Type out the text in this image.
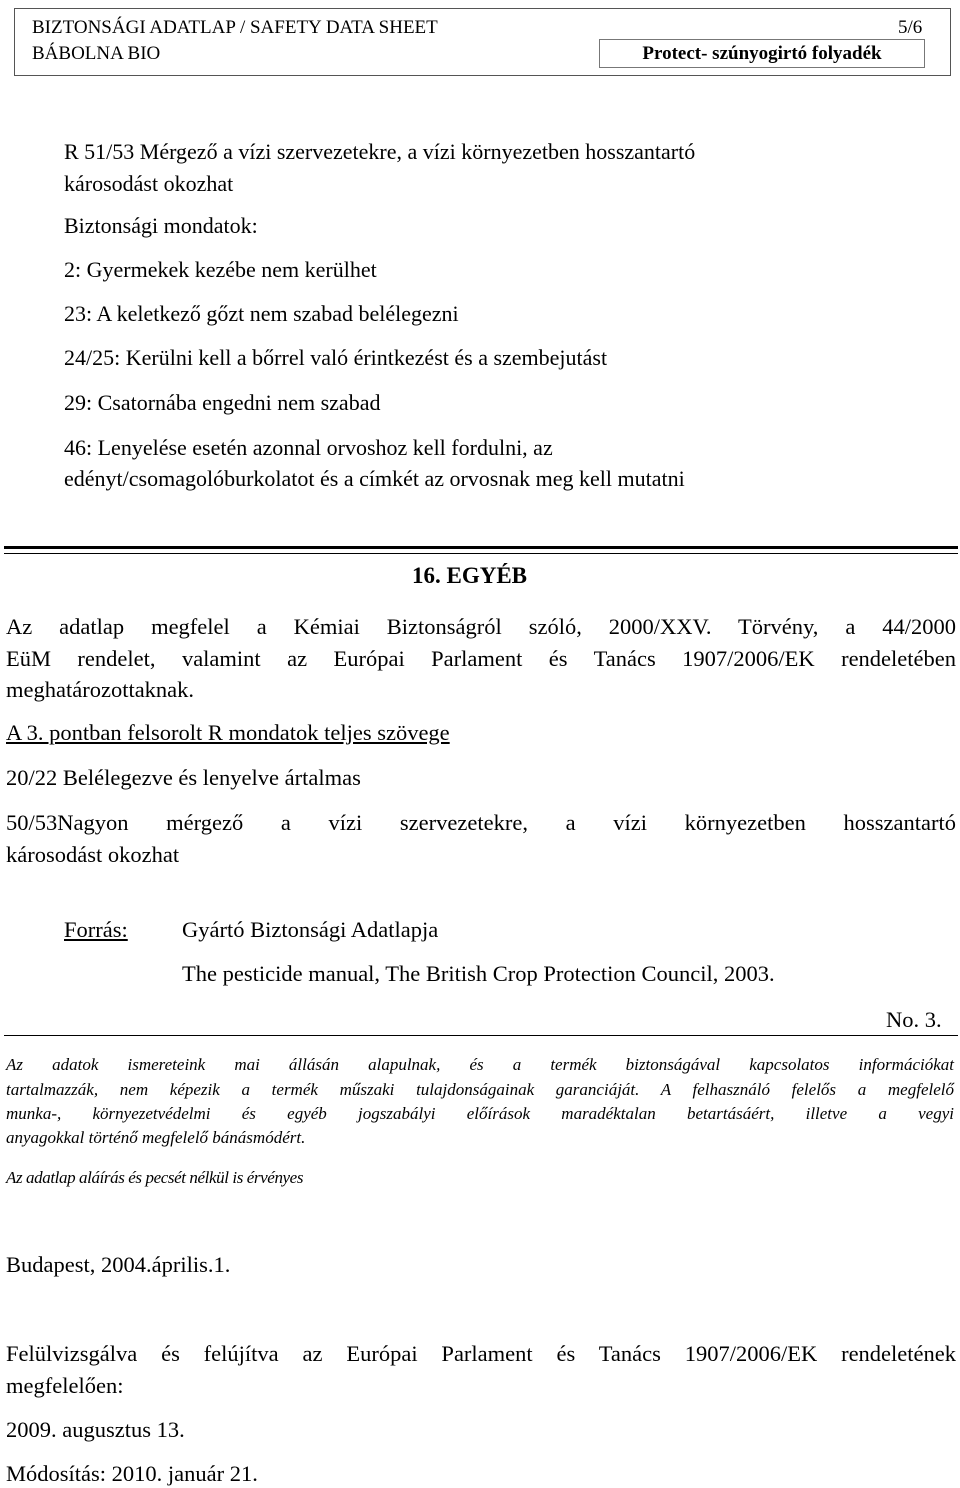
BIZTONSÁGI ADATLAP / SAFETY DATA SHEET	5/6
BÁBOLNA BIO	Protect- szúnyogirtó folyadék
R 51/53 Mérgező a vízi szervezetekre, a vízi környezetben hosszantartó
károsodást okozhat
Biztonsági mondatok:
2: Gyermekek kezébe nem kerülhet
23: A keletkező gőzt nem szabad belélegezni
24/25: Kerülni kell a bőrrel való érintkezést és a szembejutást
29: Csatornába engedni nem szabad
46: Lenyelése esetén azonnal orvoshoz kell fordulni, az
edényt/csomagolóburkolatot és a címkét az orvosnak meg kell mutatni
16. EGYÉB
Az adatlap megfelel a Kémiai Biztonságról szóló, 2000/XXV. Törvény, a 44/2000
EüM rendelet, valamint az Európai Parlament és Tanács 1907/2006/EK rendeletében
meghatározottaknak.
A 3. pontban felsorolt R mondatok teljes szövege
20/22 Belélegezve és lenyelve ártalmas
50/53Nagyon mérgező a vízi szervezetekre, a vízi környezetben hosszantartó
károsodást okozhat
Forrás: Gyártó Biztonsági Adatlapja
The pesticide manual, The British Crop Protection Council, 2003.
No. 3.
Az adatok ismereteink mai állásán alapulnak, és a termék biztonságával kapcsolatos információkat
tartalmazzák, nem képezik a termék műszaki tulajdonságainak garanciáját. A felhasználó felelős a megfelelő
munka-, környezetvédelmi és egyéb jogszabályi előírások maradéktalan betartásáért, illetve a vegyi
anyagokkal történő megfelelő bánásmódért.
Az adatlap aláírás és pecsét nélkül is érvényes
Budapest, 2004.április.1.
Felülvizsgálva és felújítva az Európai Parlament és Tanács 1907/2006/EK rendeletének
megfelelően:
2009. augusztus 13.
Módosítás: 2010. január 21.
